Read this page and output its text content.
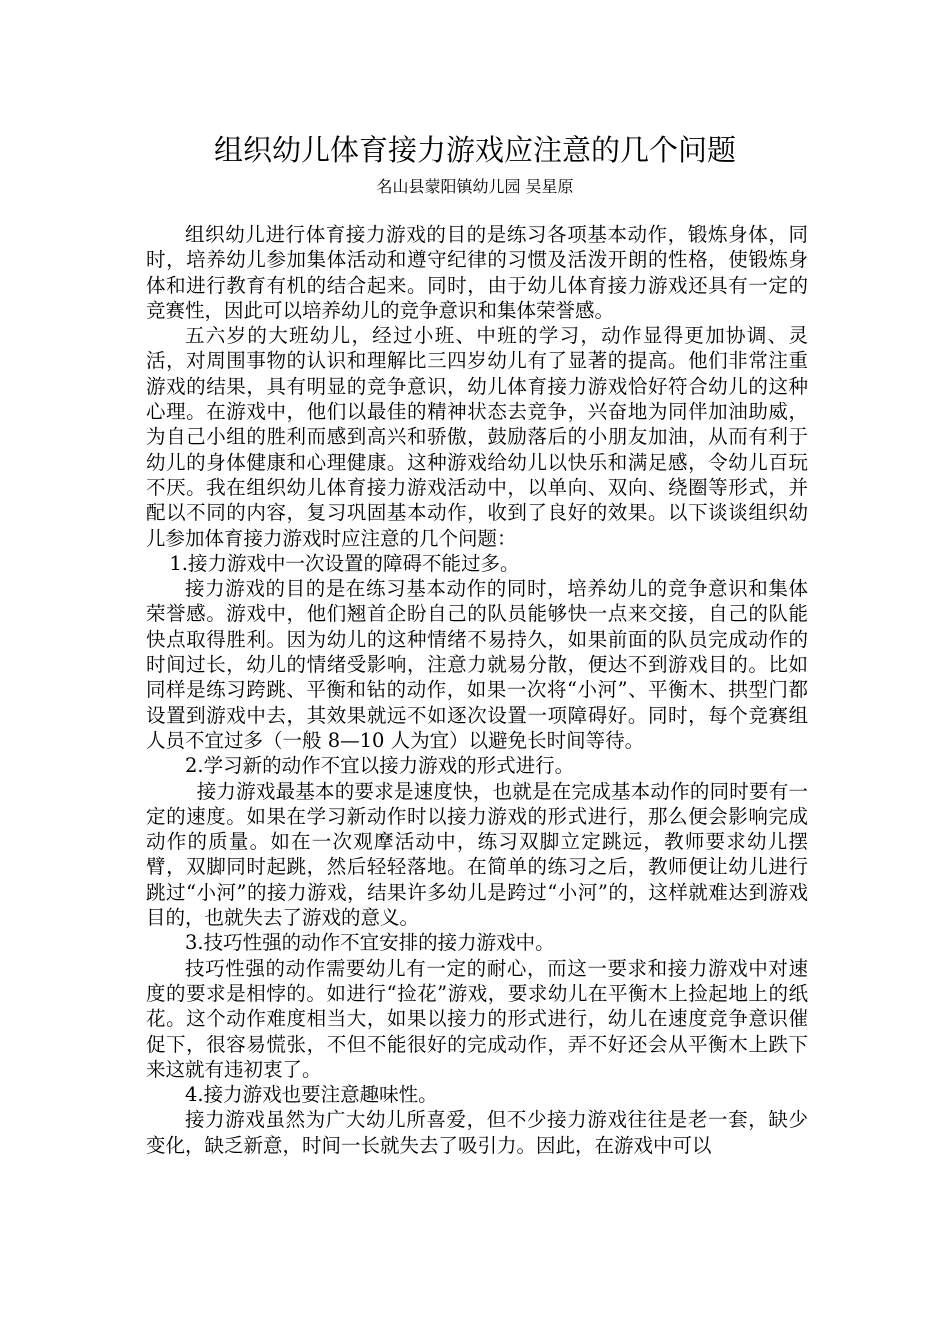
组织幼儿体育接力游戏应注意的几个问题
名山县蒙阳镇幼儿园 吴星原

组织幼儿进行体育接力游戏的目的是练习各项基本动作，锻炼身体，同时，培养幼儿参加集体活动和遵守纪律的习惯及活泼开朗的性格，使锻炼身体和进行教育有机的结合起来。同时，由于幼儿体育接力游戏还具有一定的竞赛性，因此可以培养幼儿的竞争意识和集体荣誉感。

五六岁的大班幼儿，经过小班、中班的学习，动作显得更加协调、灵活，对周围事物的认识和理解比三四岁幼儿有了显著的提高。他们非常注重游戏的结果，具有明显的竞争意识，幼儿体育接力游戏恰好符合幼儿的这种心理。在游戏中，他们以最佳的精神状态去竞争，兴奋地为同伴加油助威，为自己小组的胜利而感到高兴和骄傲，鼓励落后的小朋友加油，从而有利于幼儿的身体健康和心理健康。这种游戏给幼儿以快乐和满足感，令幼儿百玩不厌。我在组织幼儿体育接力游戏活动中，以单向、双向、绕圈等形式，并配以不同的内容，复习巩固基本动作，收到了良好的效果。以下谈谈组织幼儿参加体育接力游戏时应注意的几个问题：

1.接力游戏中一次设置的障碍不能过多。

接力游戏的目的是在练习基本动作的同时，培养幼儿的竞争意识和集体荣誉感。游戏中，他们翘首企盼自己的队员能够快一点来交接，自己的队能快点取得胜利。因为幼儿的这种情绪不易持久，如果前面的队员完成动作的时间过长，幼儿的情绪受影响，注意力就易分散，便达不到游戏目的。比如同样是练习跨跳、平衡和钻的动作，如果一次将“小河”、平衡木、拱型门都设置到游戏中去，其效果就远不如逐次设置一项障碍好。同时，每个竞赛组人员不宜过多（一般 8—10 人为宜）以避免长时间等待。

2.学习新的动作不宜以接力游戏的形式进行。

接力游戏最基本的要求是速度快，也就是在完成基本动作的同时要有一定的速度。如果在学习新动作时以接力游戏的形式进行，那么便会影响完成动作的质量。如在一次观摩活动中，练习双脚立定跳远，教师要求幼儿摆臂，双脚同时起跳，然后轻轻落地。在简单的练习之后，教师便让幼儿进行跳过“小河”的接力游戏，结果许多幼儿是跨过“小河”的，这样就难达到游戏目的，也就失去了游戏的意义。

3.技巧性强的动作不宜安排的接力游戏中。

技巧性强的动作需要幼儿有一定的耐心，而这一要求和接力游戏中对速度的要求是相悖的。如进行“捡花”游戏，要求幼儿在平衡木上捡起地上的纸花。这个动作难度相当大，如果以接力的形式进行，幼儿在速度竞争意识催促下，很容易慌张，不但不能很好的完成动作，弄不好还会从平衡木上跌下来这就有违初衷了。

4.接力游戏也要注意趣味性。

接力游戏虽然为广大幼儿所喜爱，但不少接力游戏往往是老一套，缺少变化，缺乏新意，时间一长就失去了吸引力。因此，在游戏中可以
